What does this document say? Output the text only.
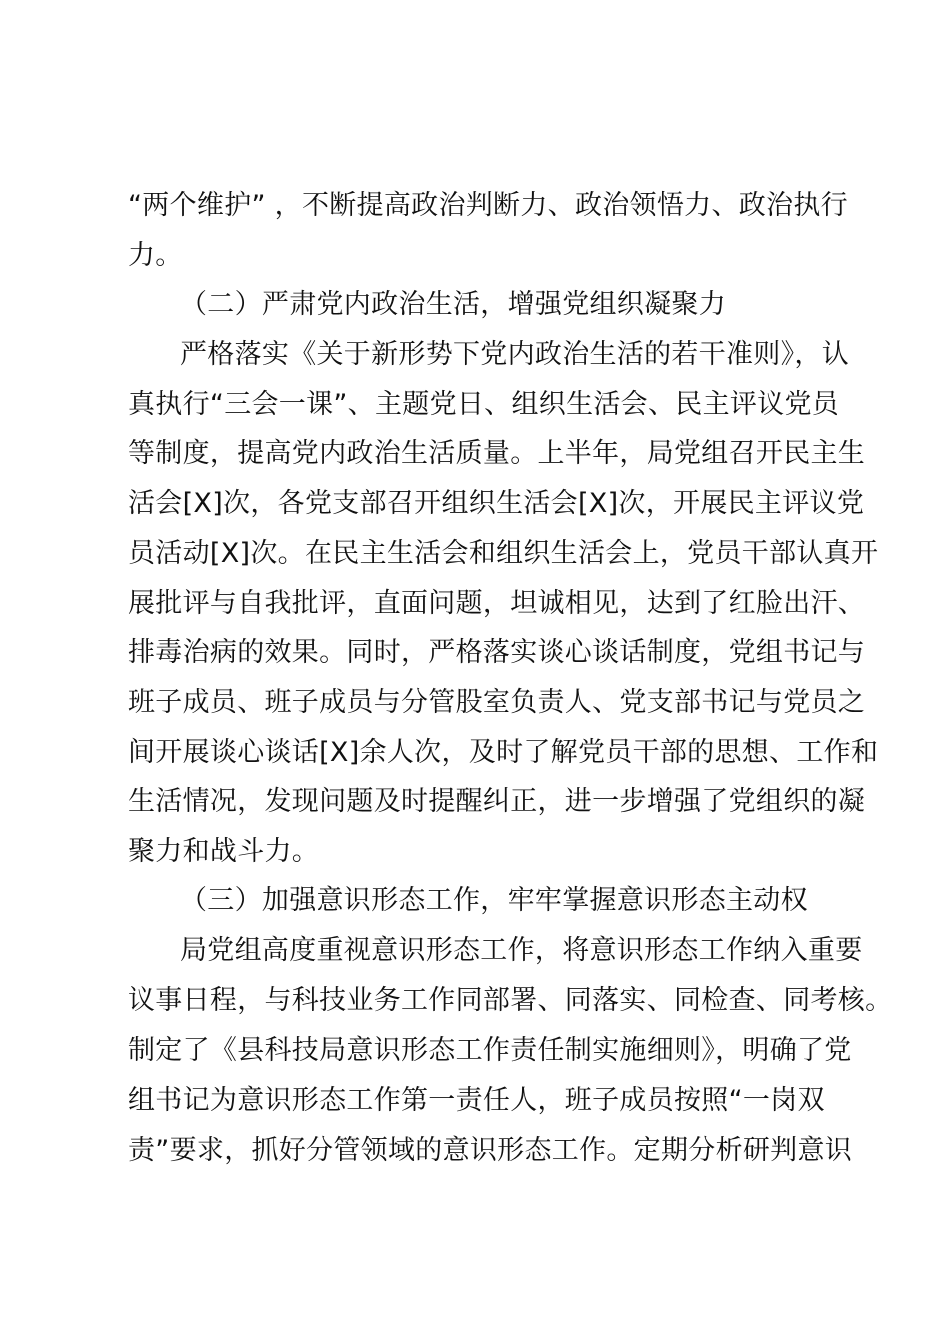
“两个维护” ，不断提高政治判断力、政治领悟力、政治执行
力。
（二）严肃党内政治生活，增强党组织凝聚力
严格落实《关于新形势下党内政治生活的若干准则》，认
真执行“三会一课”、主题党日、组织生活会、民主评议党员
等制度，提高党内政治生活质量。上半年，局党组召开民主生
活会[X]次，各党支部召开组织生活会[X]次，开展民主评议党
员活动[X]次。在民主生活会和组织生活会上，党员干部认真开
展批评与自我批评，直面问题，坦诚相见，达到了红脸出汗、
排毒治病的效果。同时，严格落实谈心谈话制度，党组书记与
班子成员、班子成员与分管股室负责人、党支部书记与党员之
间开展谈心谈话[X]余人次，及时了解党员干部的思想、工作和
生活情况，发现问题及时提醒纠正，进一步增强了党组织的凝
聚力和战斗力。
（三）加强意识形态工作，牢牢掌握意识形态主动权
局党组高度重视意识形态工作，将意识形态工作纳入重要
议事日程，与科技业务工作同部署、同落实、同检查、同考核。
制定了《县科技局意识形态工作责任制实施细则》，明确了党
组书记为意识形态工作第一责任人，班子成员按照“一岗双
责”要求，抓好分管领域的意识形态工作。定期分析研判意识
